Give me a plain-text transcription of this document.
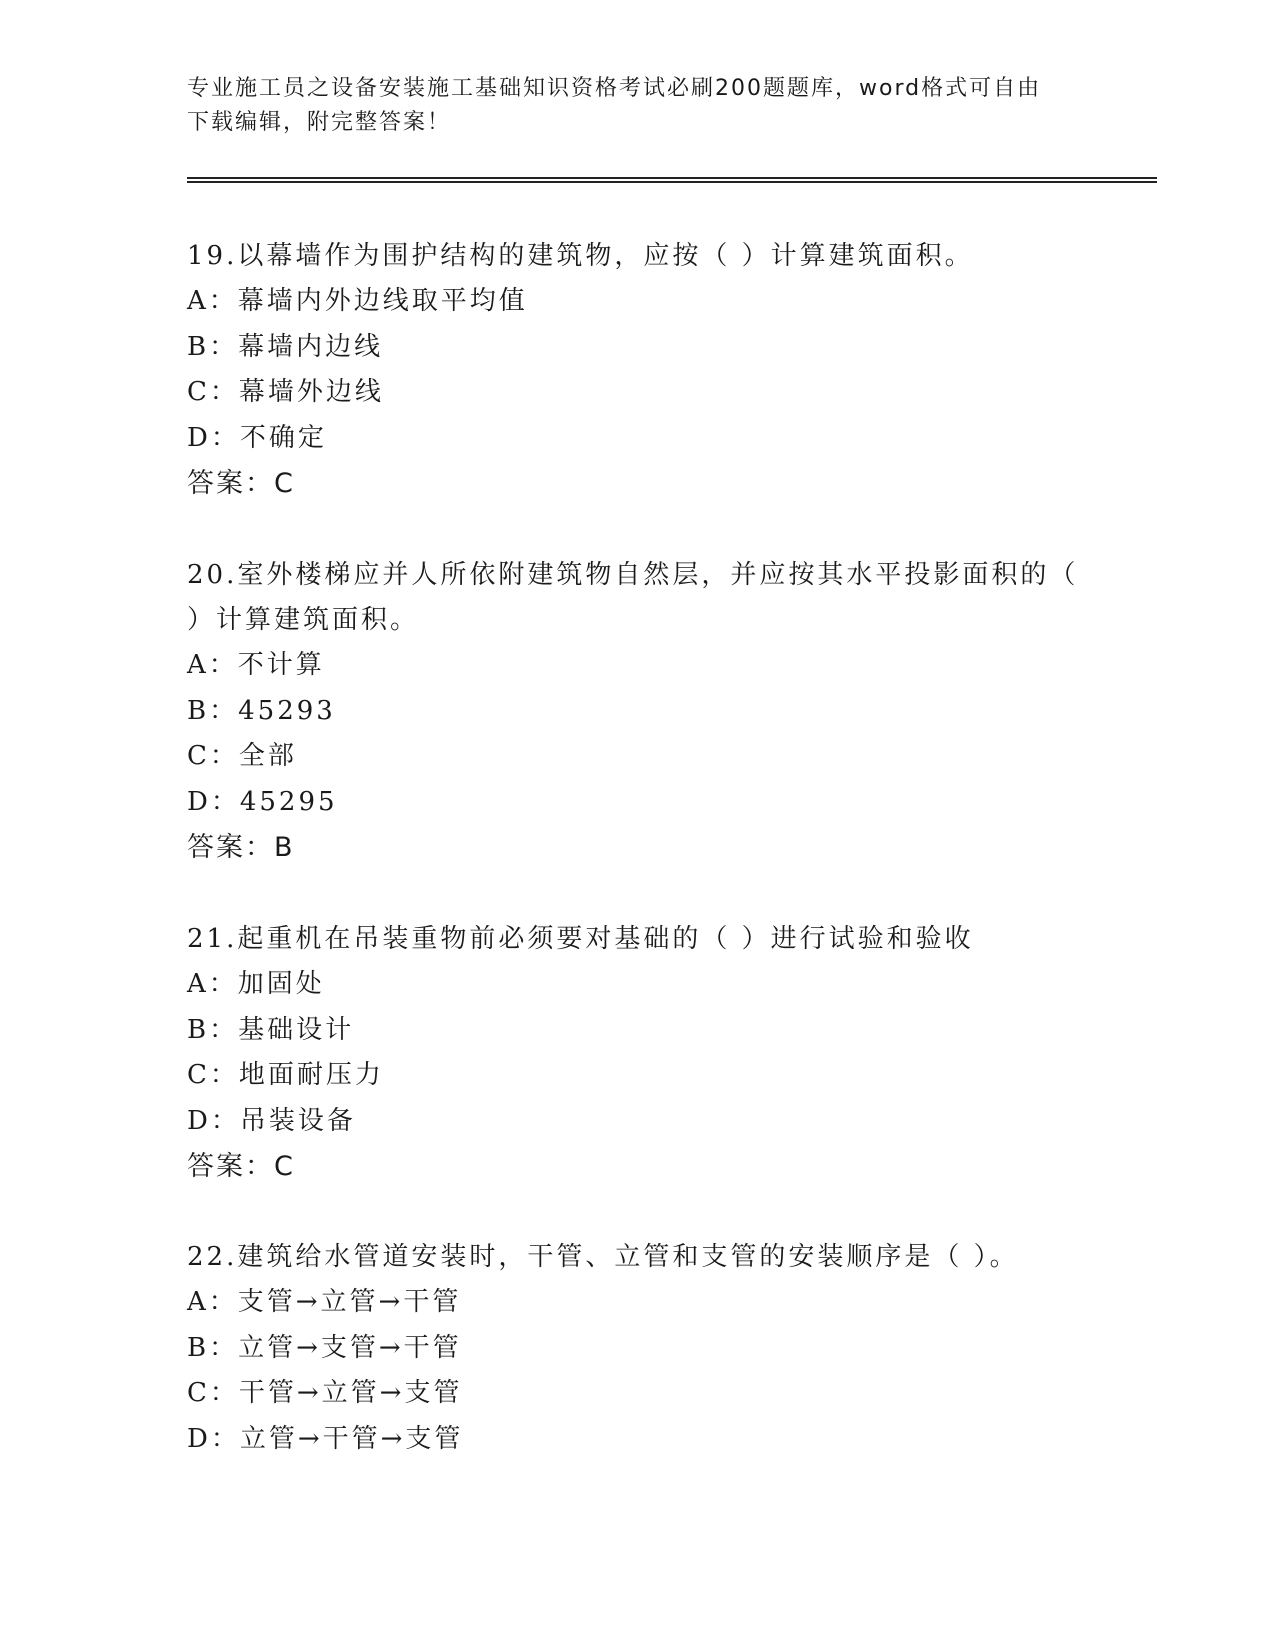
专业施工员之设备安装施工基础知识资格考试必刷200题题库，word格式可自由
下载编辑，附完整答案！

19.以幕墙作为围护结构的建筑物，应按（ ）计算建筑面积。

A：幕墙内外边线取平均值

B：幕墙内边线

C：幕墙外边线

D：不确定

答案：C

20.室外楼梯应并人所依附建筑物自然层，并应按其水平投影面积的（

）计算建筑面积。

A：不计算

B：45293

C：全部

D：45295

答案：B

21.起重机在吊装重物前必须要对基础的（ ）进行试验和验收

A：加固处

B：基础设计

C：地面耐压力

D：吊装设备

答案：C

22.建筑给水管道安装时，干管、立管和支管的安装顺序是（ ）。

A：支管→立管→干管

B：立管→支管→干管

C：干管→立管→支管

D：立管→干管→支管
